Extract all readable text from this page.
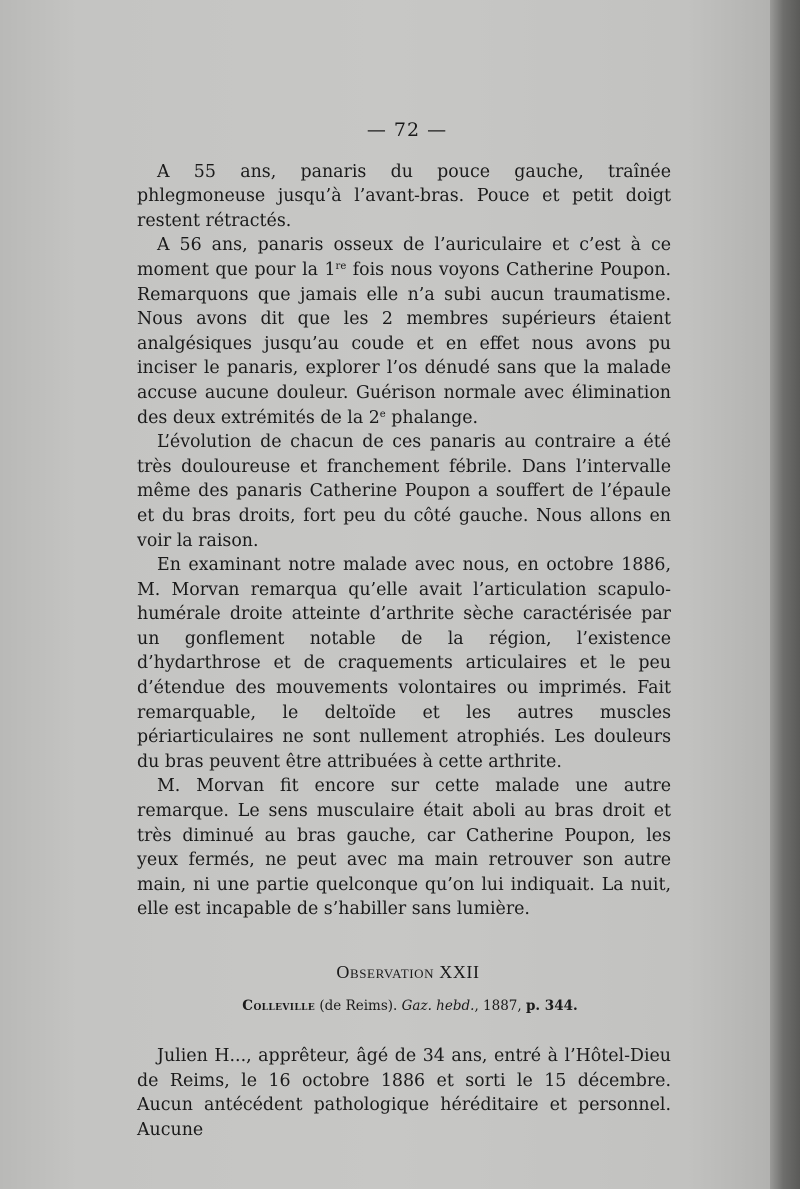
— 72 —

A 55 ans, panaris du pouce gauche, traînée phlegmoneuse jusqu’à l’avant-bras. Pouce et petit doigt restent rétractés.

A 56 ans, panaris osseux de l’auriculaire et c’est à ce moment que pour la 1re fois nous voyons Catherine Poupon. Remarquons que jamais elle n’a subi aucun traumatisme. Nous avons dit que les 2 membres supérieurs étaient analgésiques jusqu’au coude et en effet nous avons pu inciser le panaris, explorer l’os dénudé sans que la malade accuse aucune douleur. Guérison normale avec élimination des deux extrémités de la 2e phalange.

L’évolution de chacun de ces panaris au contraire a été très douloureuse et franchement fébrile. Dans l’intervalle même des panaris Catherine Poupon a souffert de l’épaule et du bras droits, fort peu du côté gauche. Nous allons en voir la raison.

En examinant notre malade avec nous, en octobre 1886, M. Morvan remarqua qu’elle avait l’articulation scapulo-humérale droite atteinte d’arthrite sèche caractérisée par un gonflement notable de la région, l’existence d’hydarthrose et de craquements articulaires et le peu d’étendue des mouvements volontaires ou imprimés. Fait remarquable, le deltoïde et les autres muscles périarticulaires ne sont nullement atrophiés. Les douleurs du bras peuvent être attribuées à cette arthrite.

M. Morvan fit encore sur cette malade une autre remarque. Le sens musculaire était aboli au bras droit et très diminué au bras gauche, car Catherine Poupon, les yeux fermés, ne peut avec ma main retrouver son autre main, ni une partie quelconque qu’on lui indiquait. La nuit, elle est incapable de s’habiller sans lumière.

Observation XXII
Colleville (de Reims). Gaz. hebd., 1887, p. 344.

Julien H..., apprêteur, âgé de 34 ans, entré à l’Hôtel-Dieu de Reims, le 16 octobre 1886 et sorti le 15 décembre. Aucun antécédent pathologique héréditaire et personnel. Aucune
